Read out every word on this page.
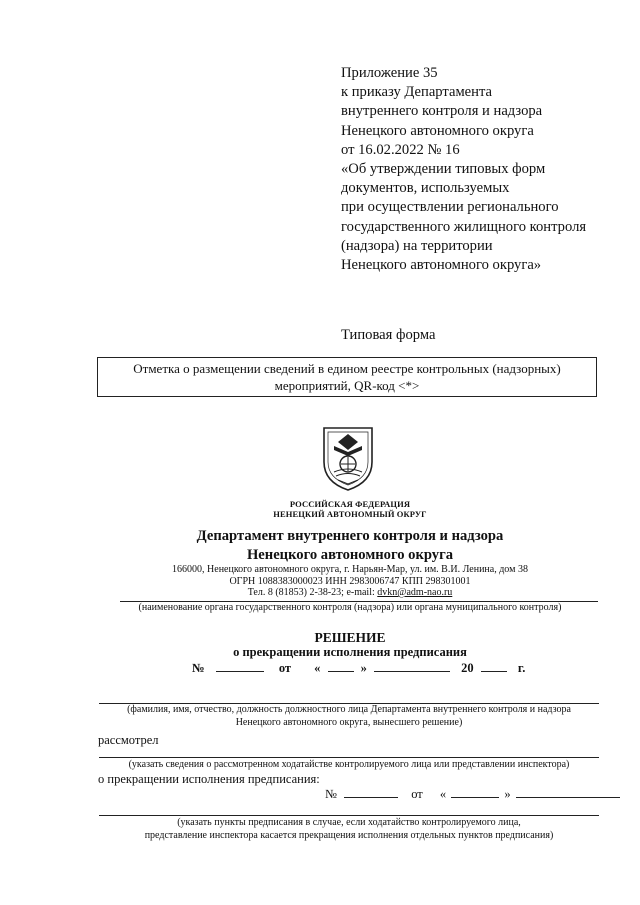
Приложение 35
к приказу Департамента
внутреннего контроля и надзора
Ненецкого автономного округа
от 16.02.2022 № 16
«Об утверждении типовых форм
документов, используемых
при осуществлении регионального
государственного жилищного контроля
(надзора) на территории
Ненецкого автономного округа»
Типовая форма
Отметка о размещении сведений в едином реестре контрольных (надзорных)
мероприятий, QR-код <*>
РОССИЙСКАЯ ФЕДЕРАЦИЯ
НЕНЕЦКИЙ АВТОНОМНЫЙ ОКРУГ
Департамент внутреннего контроля и надзора
Ненецкого автономного округа
166000, Ненецкого автономного округа, г. Нарьян-Мар, ул. им. В.И. Ленина, дом 38
ОГРН 1088383000023 ИНН 2983006747 КПП 298301001
Тел. 8 (81853) 2-38-23; e-mail: dvkn@adm-nao.ru
(наименование органа государственного контроля (надзора) или органа муниципального контроля)
РЕШЕНИЕ
о прекращении исполнения предписания
№	от «	»	20	г.
(фамилия, имя, отчество, должность должностного лица Департамента внутреннего контроля и надзора
Ненецкого автономного округа, вынесшего решение)
рассмотрел
(указать сведения о рассмотренном ходатайстве контролируемого лица или представлении инспектора)
о прекращении исполнения предписания:
№	от «	»
(указать пункты предписания в случае, если ходатайство контролируемого лица,
представление инспектора касается прекращения исполнения отдельных пунктов предписания)
